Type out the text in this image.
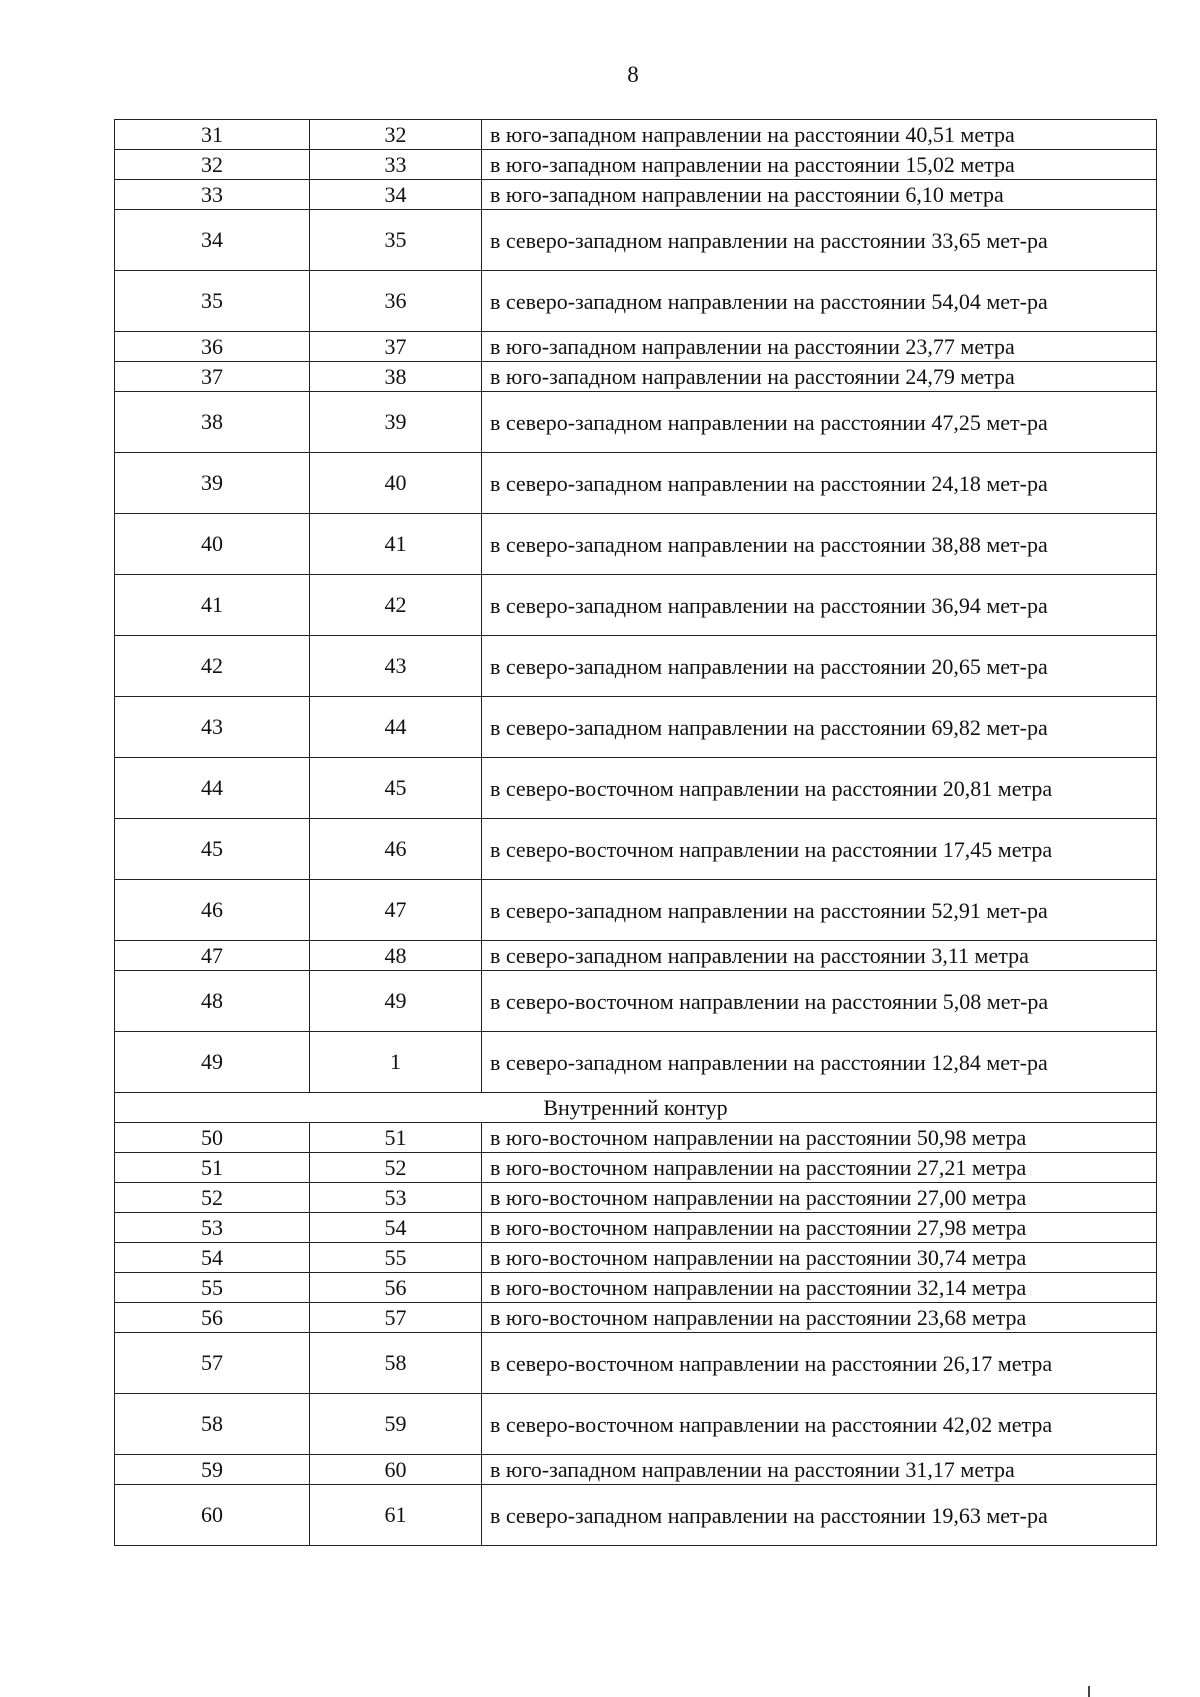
8
31	32	в юго-западном направлении на расстоянии 40,51 метра
32	33	в юго-западном направлении на расстоянии 15,02 метра
33	34	в юго-западном направлении на расстоянии 6,10 метра
34	35	в северо-западном направлении на расстоянии 33,65 мет-ра
35	36	в северо-западном направлении на расстоянии 54,04 мет-ра
36	37	в юго-западном направлении на расстоянии 23,77 метра
37	38	в юго-западном направлении на расстоянии 24,79 метра
38	39	в северо-западном направлении на расстоянии 47,25 мет-ра
39	40	в северо-западном направлении на расстоянии 24,18 мет-ра
40	41	в северо-западном направлении на расстоянии 38,88 мет-ра
41	42	в северо-западном направлении на расстоянии 36,94 мет-ра
42	43	в северо-западном направлении на расстоянии 20,65 мет-ра
43	44	в северо-западном направлении на расстоянии 69,82 мет-ра
44	45	в северо-восточном направлении на расстоянии 20,81 метра
45	46	в северо-восточном направлении на расстоянии 17,45 метра
46	47	в северо-западном направлении на расстоянии 52,91 мет-ра
47	48	в северо-западном направлении на расстоянии 3,11 метра
48	49	в северо-восточном направлении на расстоянии 5,08 мет-ра
49	1	в северо-западном направлении на расстоянии 12,84 мет-ра
Внутренний контур		
50	51	в юго-восточном направлении на расстоянии 50,98 метра
51	52	в юго-восточном направлении на расстоянии 27,21 метра
52	53	в юго-восточном направлении на расстоянии 27,00 метра
53	54	в юго-восточном направлении на расстоянии 27,98 метра
54	55	в юго-восточном направлении на расстоянии 30,74 метра
55	56	в юго-восточном направлении на расстоянии 32,14 метра
56	57	в юго-восточном направлении на расстоянии 23,68 метра
57	58	в северо-восточном направлении на расстоянии 26,17 метра
58	59	в северо-восточном направлении на расстоянии 42,02 метра
59	60	в юго-западном направлении на расстоянии 31,17 метра
60	61	в северо-западном направлении на расстоянии 19,63 мет-ра
